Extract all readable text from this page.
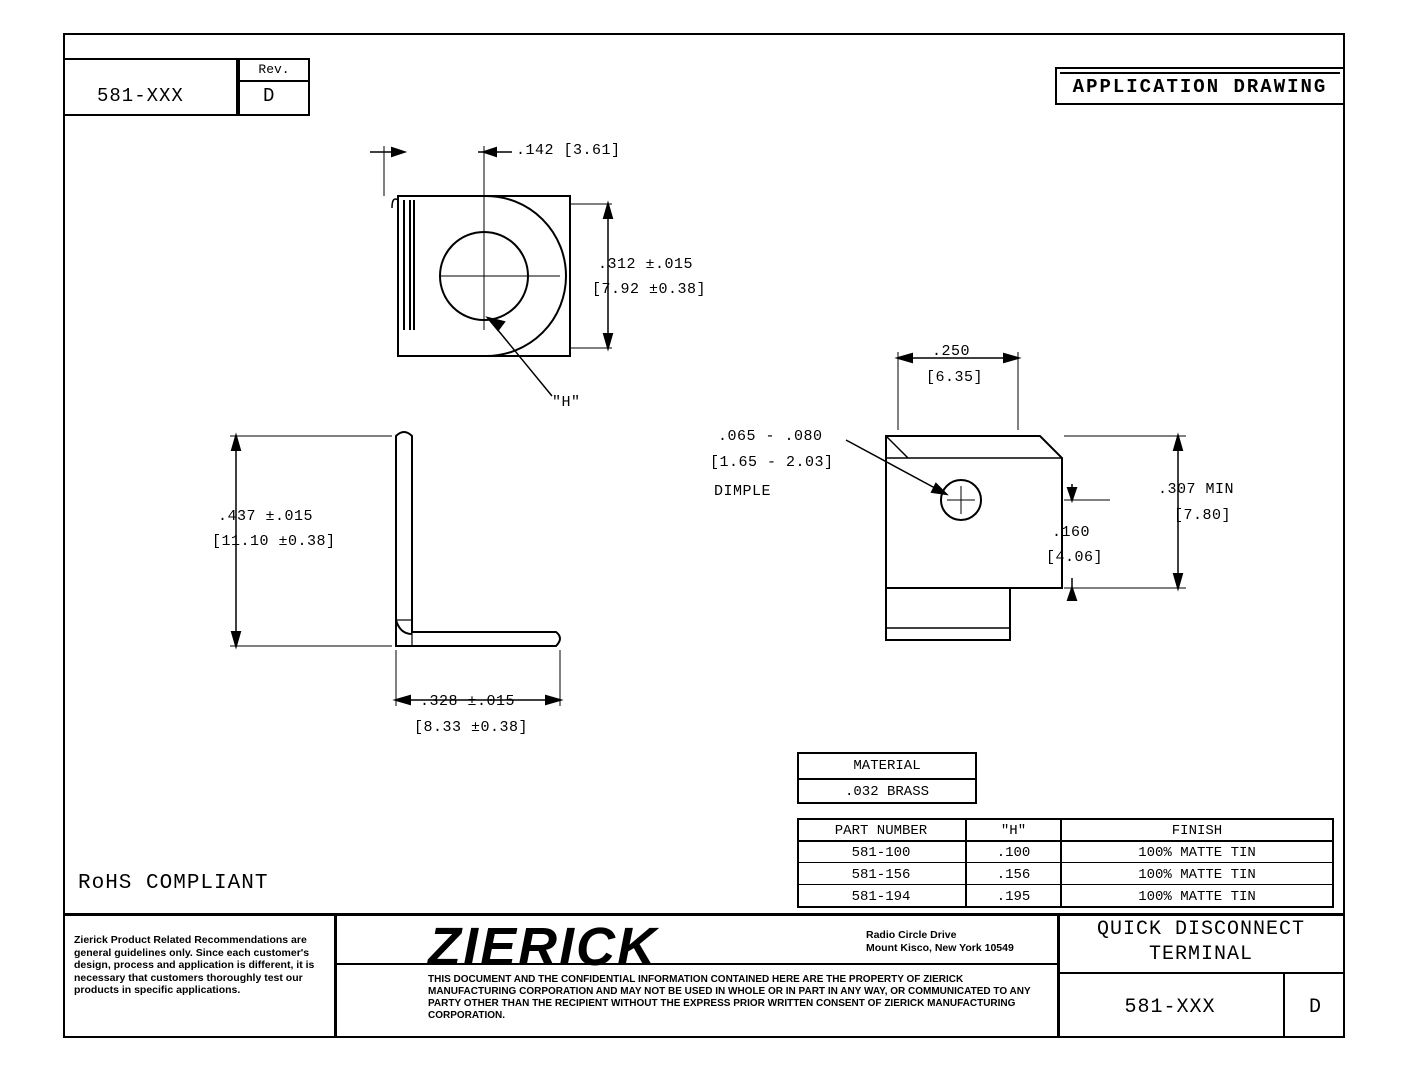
581-XXX
Rev.
D	APPLICATION DRAWING
.142 [3.61]
.312 ±.015
[7.92 ±0.38]
"H"
.437 ±.015
[11.10 ±0.38]
.328 ±.015
[8.33 ±0.38]
.250
[6.35]
.065 - .080
[1.65 - 2.03]
DIMPLE	.307 MIN
[7.80]
.160
[4.06]
MATERIAL
.032 BRASS
PART NUMBER	"H"	FINISH
581-100	.100	100% MATTE TIN
581-156	.156	100% MATTE TIN
581-194	.195	100% MATTE TIN
RoHS COMPLIANT
Zierick Product Related Recommendations are general guidelines only. Since each customer's design, process and application is different, it is necessary that customers thoroughly test our products in specific applications.
ZIERICK	Radio Circle Drive
Mount Kisco, New York 10549
THIS DOCUMENT AND THE CONFIDENTIAL INFORMATION CONTAINED HERE ARE THE PROPERTY OF ZIERICK MANUFACTURING CORPORATION AND MAY NOT BE USED IN WHOLE OR IN PART IN ANY WAY, OR COMMUNICATED TO ANY PARTY OTHER THAN THE RECIPIENT WITHOUT THE EXPRESS PRIOR WRITTEN CONSENT OF ZIERICK MANUFACTURING CORPORATION.
QUICK DISCONNECT
TERMINAL
581-XXX	D
